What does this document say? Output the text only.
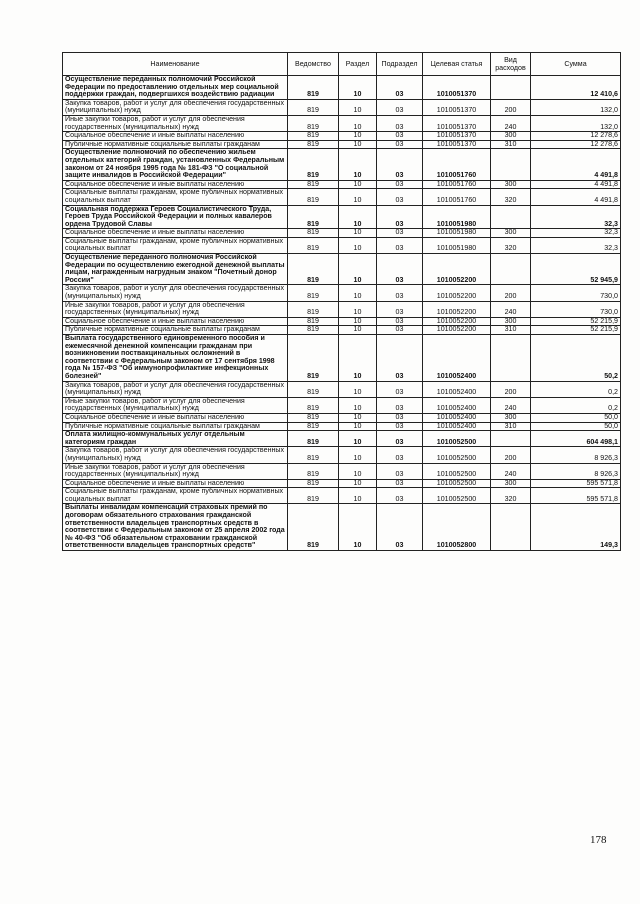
Наименование	Ведомство	Раздел	Подраздел	Целевая статья	Вид расходов	Сумма
Осуществление переданных полномочий Российской Федерации по предоставлению отдельных мер социальной поддержки граждан, подвергшихся воздействию радиации	819	10	03	1010051370		12 410,6
Закупка товаров, работ и услуг для обеспечения государственных (муниципальных) нужд	819	10	03	1010051370	200	132,0
Иные закупки товаров, работ и услуг для обеспечения государственных (муниципальных) нужд	819	10	03	1010051370	240	132,0
Социальное обеспечение и иные выплаты населению	819	10	03	1010051370	300	12 278,6
Публичные нормативные социальные выплаты гражданам	819	10	03	1010051370	310	12 278,6
Осуществление полномочий по обеспечению жильем отдельных категорий граждан, установленных Федеральным законом от 24 ноября 1995 года № 181-ФЗ "О социальной защите инвалидов в Российской Федерации"	819	10	03	1010051760		4 491,8
Социальное обеспечение и иные выплаты населению	819	10	03	1010051760	300	4 491,8
Социальные выплаты гражданам, кроме публичных нормативных социальных выплат	819	10	03	1010051760	320	4 491,8
Социальная поддержка Героев Социалистического Труда, Героев Труда Российской Федерации и полных кавалеров ордена Трудовой Славы	819	10	03	1010051980		32,3
Социальное обеспечение и иные выплаты населению	819	10	03	1010051980	300	32,3
Социальные выплаты гражданам, кроме публичных нормативных социальных выплат	819	10	03	1010051980	320	32,3
Осуществление переданного полномочия Российской Федерации по осуществлению ежегодной денежной выплаты лицам, награжденным нагрудным знаком "Почетный донор России"	819	10	03	1010052200		52 945,9
Закупка товаров, работ и услуг для обеспечения государственных (муниципальных) нужд	819	10	03	1010052200	200	730,0
Иные закупки товаров, работ и услуг для обеспечения государственных (муниципальных) нужд	819	10	03	1010052200	240	730,0
Социальное обеспечение и иные выплаты населению	819	10	03	1010052200	300	52 215,9
Публичные нормативные социальные выплаты гражданам	819	10	03	1010052200	310	52 215,9
Выплата государственного единовременного пособия и ежемесячной денежной компенсации гражданам при возникновении поствакцинальных осложнений в соответствии с Федеральным законом от 17 сентября 1998 года № 157-ФЗ "Об иммунопрофилактике инфекционных болезней"	819	10	03	1010052400		50,2
Закупка товаров, работ и услуг для обеспечения государственных (муниципальных) нужд	819	10	03	1010052400	200	0,2
Иные закупки товаров, работ и услуг для обеспечения государственных (муниципальных) нужд	819	10	03	1010052400	240	0,2
Социальное обеспечение и иные выплаты населению	819	10	03	1010052400	300	50,0
Публичные нормативные социальные выплаты гражданам	819	10	03	1010052400	310	50,0
Оплата жилищно-коммунальных услуг отдельным категориям граждан	819	10	03	1010052500		604 498,1
Закупка товаров, работ и услуг для обеспечения государственных (муниципальных) нужд	819	10	03	1010052500	200	8 926,3
Иные закупки товаров, работ и услуг для обеспечения государственных (муниципальных) нужд	819	10	03	1010052500	240	8 926,3
Социальное обеспечение и иные выплаты населению	819	10	03	1010052500	300	595 571,8
Социальные выплаты гражданам, кроме публичных нормативных социальных выплат	819	10	03	1010052500	320	595 571,8
Выплаты инвалидам компенсаций страховых премий по договорам обязательного страхования гражданской ответственности владельцев транспортных средств в соответствии с Федеральным законом от 25 апреля 2002 года № 40-ФЗ "Об обязательном страховании гражданской ответственности владельцев транспортных средств"	819	10	03	1010052800		149,3
178
